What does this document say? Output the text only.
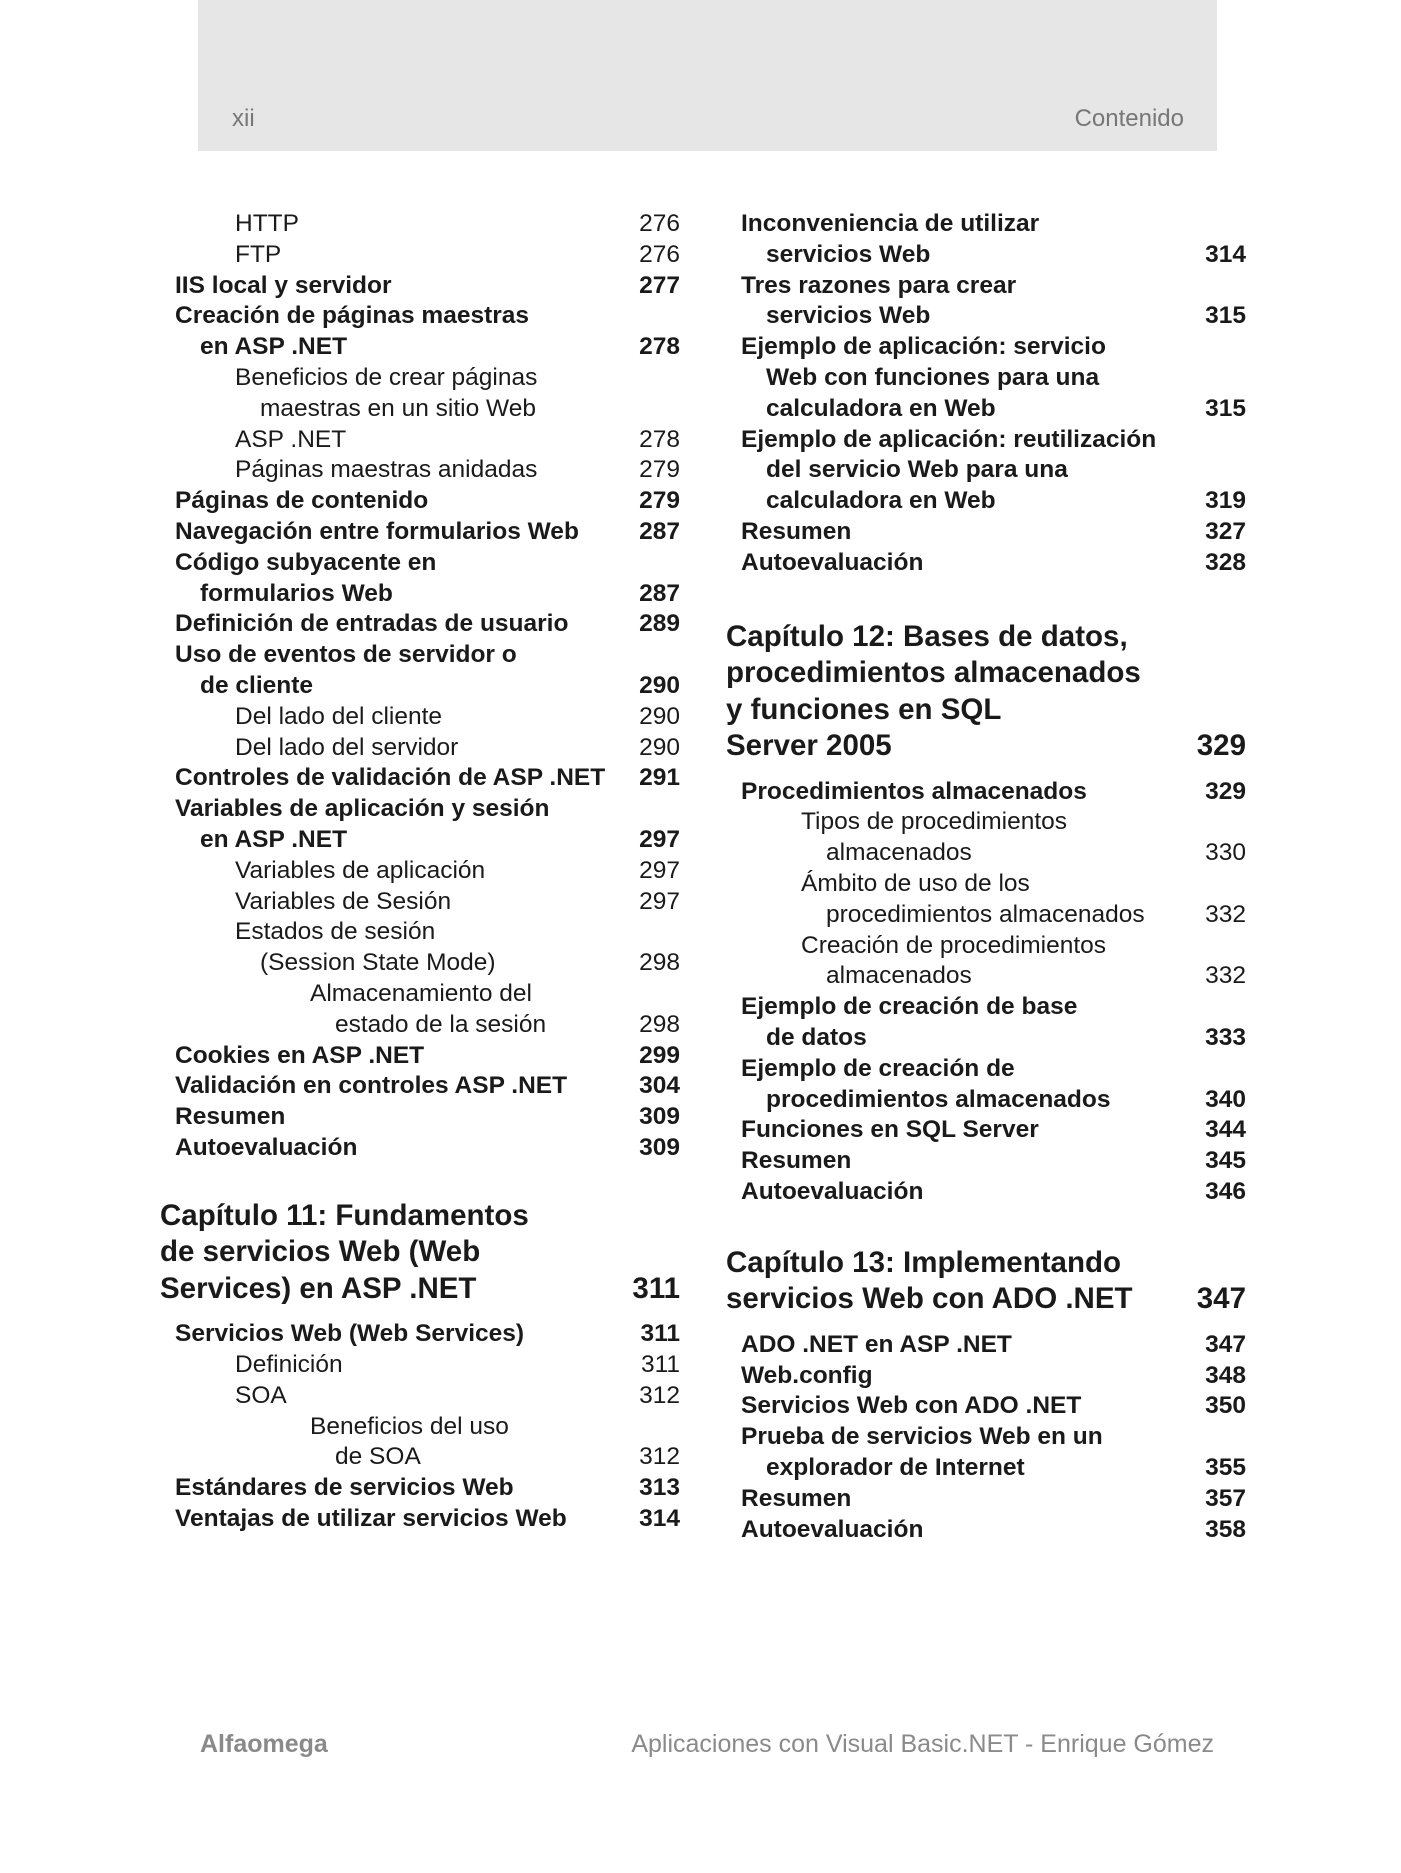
xii	Contenido
HTTP	276
FTP	276
IIS local y servidor	277
Creación de páginas maestras
en ASP .NET	278
Beneficios de crear páginas
maestras en un sitio Web
ASP .NET	278
Páginas maestras anidadas	279
Páginas de contenido	279
Navegación entre formularios Web 287
Código subyacente en
formularios Web	287
Definición de entradas de usuario	289
Uso de eventos de servidor o
de cliente	290
Del lado del cliente	290
Del lado del servidor	290
Controles de validación de ASP .NET 291
Variables de aplicación y sesión
en ASP .NET	297
Variables de aplicación	297
Variables de Sesión	297
Estados de sesión
(Session State Mode)	298
Almacenamiento del
estado de la sesión	298
Cookies en ASP .NET	299
Validación en controles ASP .NET	304
Resumen	309
Autoevaluación	309
Capítulo 11: Fundamentos
de servicios Web (Web
Services) en ASP .NET	311
Servicios Web (Web Services)	311
Definición	311
SOA	312
Beneficios del uso
de SOA	312
Estándares de servicios Web	313
Ventajas de utilizar servicios Web	314
Inconveniencia de utilizar
servicios Web	314
Tres razones para crear
servicios Web	315
Ejemplo de aplicación: servicio
Web con funciones para una
calculadora en Web	315
Ejemplo de aplicación: reutilización
del servicio Web para una
calculadora en Web	319
Resumen	327
Autoevaluación	328
Capítulo 12: Bases de datos,
procedimientos almacenados
y funciones en SQL
Server 2005	329
Procedimientos almacenados	329
Tipos de procedimientos
almacenados	330
Ámbito de uso de los
procedimientos almacenados 332
Creación de procedimientos
almacenados	332
Ejemplo de creación de base
de datos	333
Ejemplo de creación de
procedimientos almacenados	340
Funciones en SQL Server	344
Resumen	345
Autoevaluación	346
Capítulo 13: Implementando
servicios Web con ADO .NET	347
ADO .NET en ASP .NET	347
Web.config	348
Servicios Web con ADO .NET	350
Prueba de servicios Web en un
explorador de Internet	355
Resumen	357
Autoevaluación	358
Alfaomega	Aplicaciones con Visual Basic.NET - Enrique Gómez
